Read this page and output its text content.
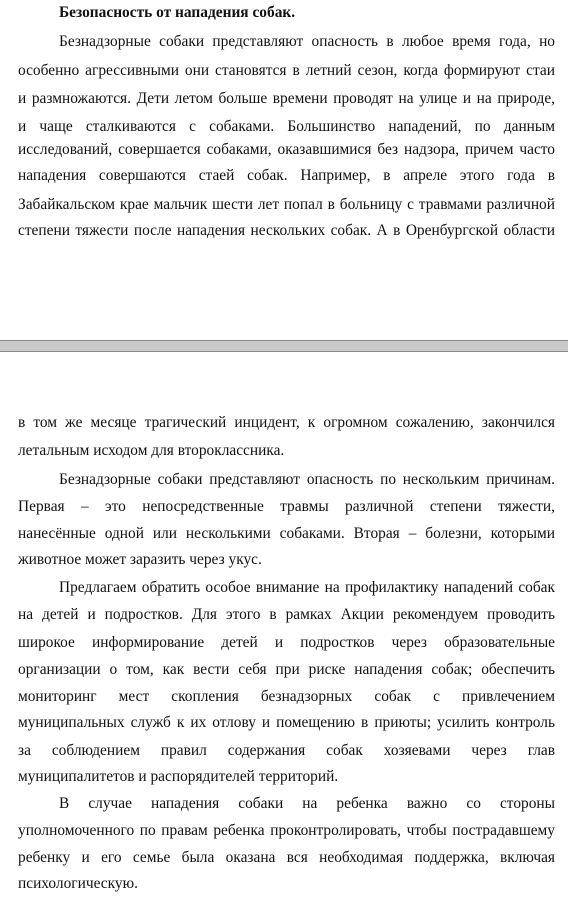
Безопасность от нападения собак.
Безнадзорные собаки представляют опасность в любое время года, но
особенно агрессивными они становятся в летний сезон, когда формируют стаи
и размножаются. Дети летом больше времени проводят на улице и на природе,
и чаще сталкиваются с собаками. Большинство нападений, по данным
исследований, совершается собаками, оказавшимися без надзора, причем часто
нападения совершаются стаей собак. Например, в апреле этого года в
Забайкальском крае мальчик шести лет попал в больницу с травмами различной
степени тяжести после нападения нескольких собак. А в Оренбургской области
в том же месяце трагический инцидент, к огромном сожалению, закончился
летальным исходом для второклассника.
Безнадзорные собаки представляют опасность по нескольким причинам.
Первая – это непосредственные травмы различной степени тяжести,
нанесённые одной или несколькими собаками. Вторая – болезни, которыми
животное может заразить через укус.
Предлагаем обратить особое внимание на профилактику нападений собак
на детей и подростков. Для этого в рамках Акции рекомендуем проводить
широкое информирование детей и подростков через образовательные
организации о том, как вести себя при риске нападения собак; обеспечить
мониторинг мест скопления безнадзорных собак с привлечением
муниципальных служб к их отлову и помещению в приюты; усилить контроль
за соблюдением правил содержания собак хозяевами через глав
муниципалитетов и распорядителей территорий.
В случае нападения собаки на ребенка важно со стороны
уполномоченного по правам ребенка проконтролировать, чтобы пострадавшему
ребенку и его семье была оказана вся необходимая поддержка, включая
психологическую.
